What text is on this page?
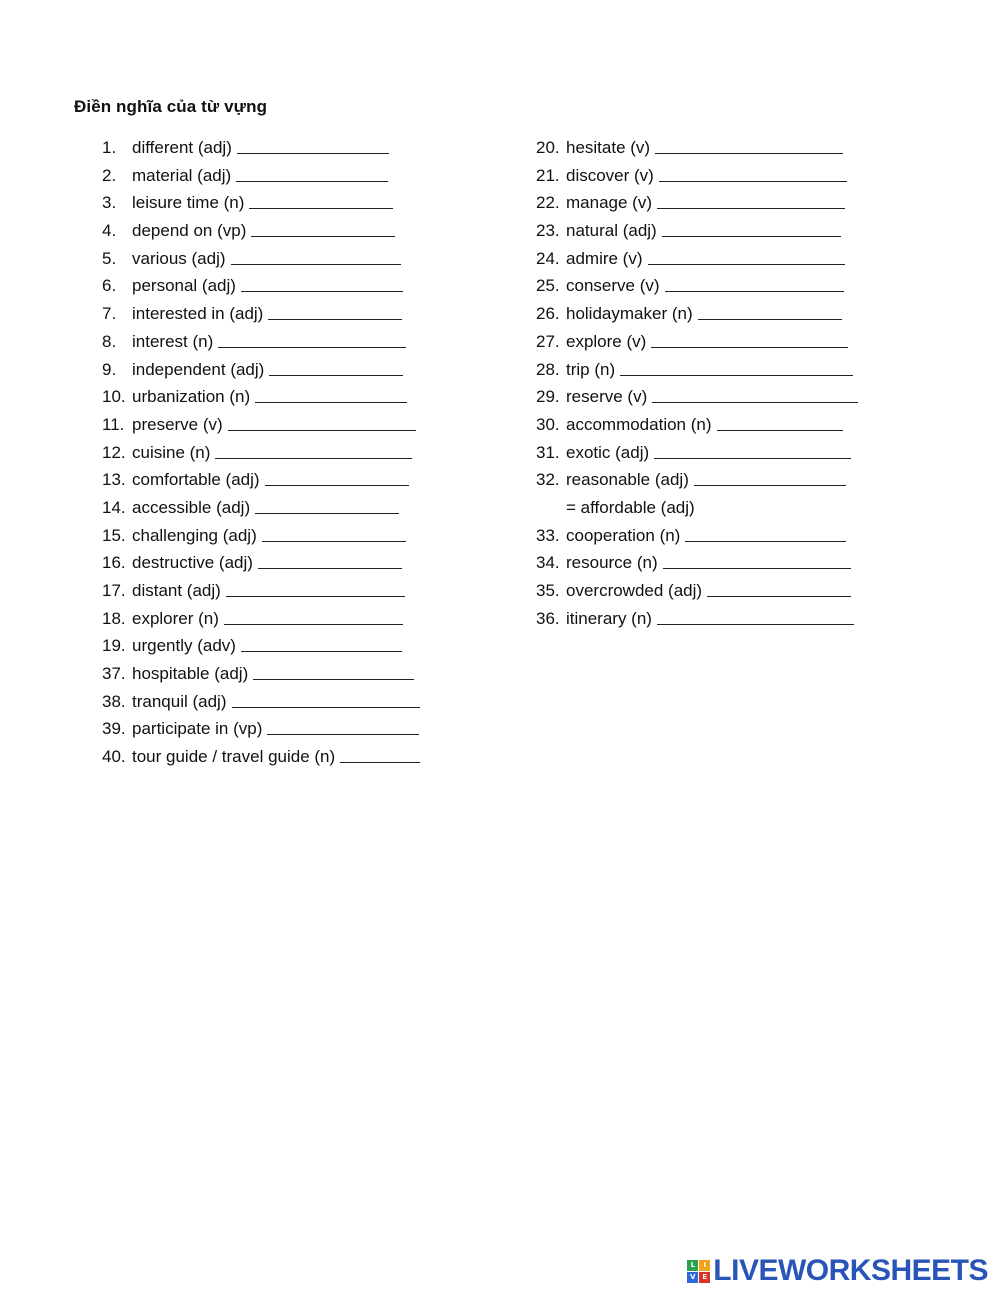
Điền nghĩa của từ vựng
1. different (adj)
2. material (adj)
3. leisure time (n)
4. depend on (vp)
5. various (adj)
6. personal (adj)
7. interested in (adj)
8. interest (n)
9. independent (adj)
10. urbanization (n)
11. preserve (v)
12. cuisine (n)
13. comfortable (adj)
14. accessible (adj)
15. challenging (adj)
16. destructive (adj)
17. distant (adj)
18. explorer (n)
19. urgently (adv)
37. hospitable (adj)
38. tranquil (adj)
39. participate in (vp)
40. tour guide / travel guide (n)
20. hesitate (v)
21. discover (v)
22. manage (v)
23. natural (adj)
24. admire (v)
25. conserve (v)
26. holidaymaker (n)
27. explore (v)
28. trip (n)
29. reserve (v)
30. accommodation (n)
31. exotic (adj)
32. reasonable (adj)
= affordable (adj)
33. cooperation (n)
34. resource (n)
35. overcrowded (adj)
36. itinerary (n)
L	I
V E LIVEWORKSHEETS
